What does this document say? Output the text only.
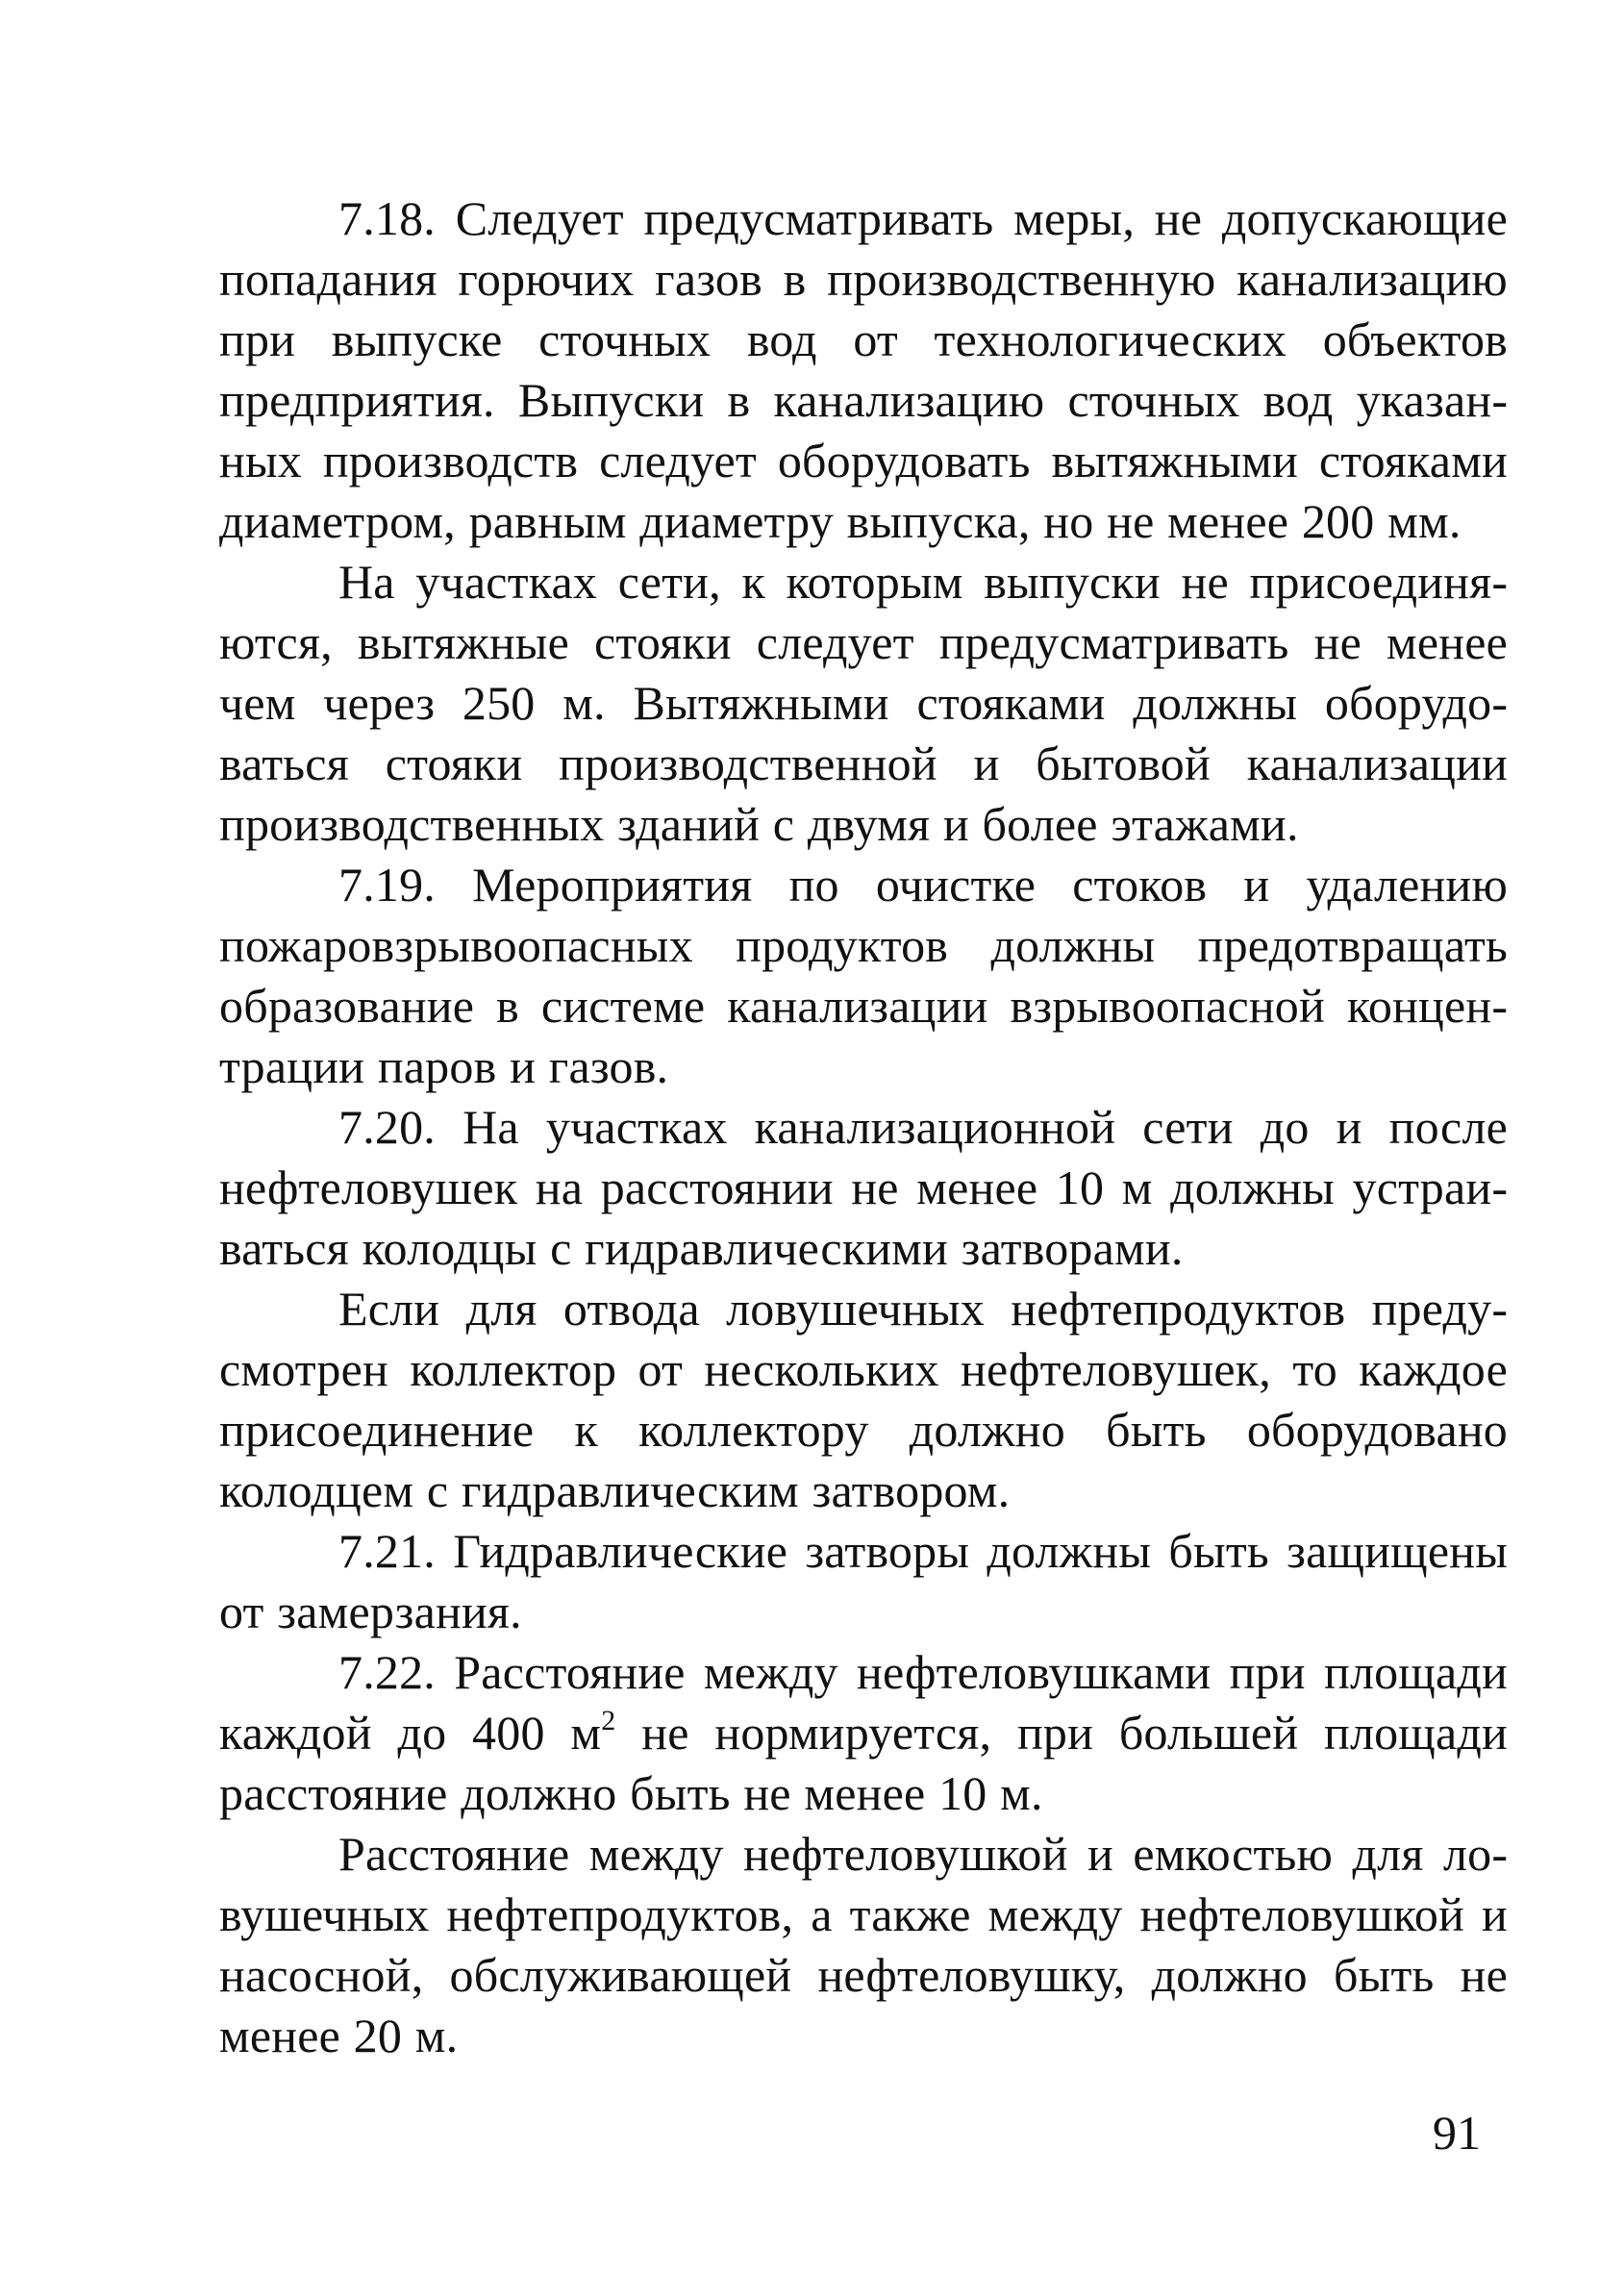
7.18. Следует предусматривать меры, не допускающие попадания горючих газов в производственную канализацию при выпуске сточных вод от технологических объектов предприятия. Выпуски в канализацию сточных вод указанных производств следует оборудовать вытяжными стояками диаметром, равным диаметру выпуска, но не менее 200 мм.

На участках сети, к которым выпуски не присоединяются, вытяжные стояки следует предусматривать не менее чем через 250 м. Вытяжными стояками должны оборудоваться стояки производственной и бытовой канализации производственных зданий с двумя и более этажами.

7.19. Мероприятия по очистке стоков и удалению пожаровзрывоопасных продуктов должны предотвращать образование в системе канализации взрывоопасной концентрации паров и газов.

7.20. На участках канализационной сети до и после нефтеловушек на расстоянии не менее 10 м должны устраиваться колодцы с гидравлическими затворами.

Если для отвода ловушечных нефтепродуктов предусмотрен коллектор от нескольких нефтеловушек, то каждое присоединение к коллектору должно быть оборудовано колодцем с гидравлическим затвором.

7.21. Гидравлические затворы должны быть защищены от замерзания.

7.22. Расстояние между нефтеловушками при площади каждой до 400 $м^2$ не нормируется, при большей площади расстояние должно быть не менее 10 м.

Расстояние между нефтеловушкой и емкостью для ловушечных нефтепродуктов, а также между нефтеловушкой и насосной, обслуживающей нефтеловушку, должно быть не менее 20 м.

91
